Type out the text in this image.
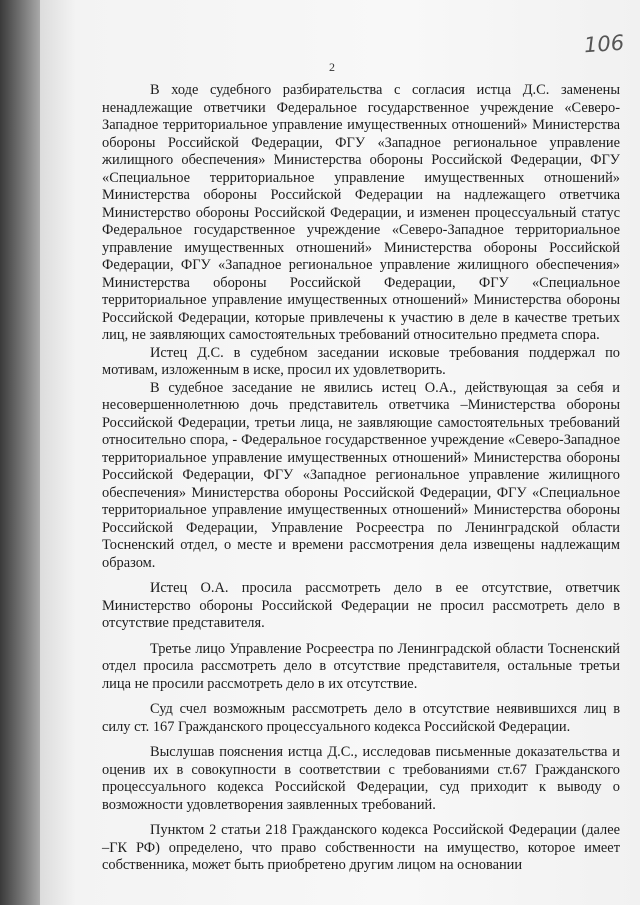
2
106

В ходе судебного разбирательства с согласия истца Д.С. заменены ненадлежащие ответчики Федеральное государственное учреждение «Северо-Западное территориальное управление имущественных отношений» Министерства обороны Российской Федерации, ФГУ «Западное региональное управление жилищного обеспечения» Министерства обороны Российской Федерации, ФГУ «Специальное территориальное управление имущественных отношений» Министерства обороны Российской Федерации на надлежащего ответчика Министерство обороны Российской Федерации, и изменен процессуальный статус Федеральное государственное учреждение «Северо-Западное территориальное управление имущественных отношений» Министерства обороны Российской Федерации, ФГУ «Западное региональное управление жилищного обеспечения» Министерства обороны Российской Федерации, ФГУ «Специальное территориальное управление имущественных отношений» Министерства обороны Российской Федерации, которые привлечены к участию в деле в качестве третьих лиц, не заявляющих самостоятельных требований относительно предмета спора.

Истец Д.С. в судебном заседании исковые требования поддержал по мотивам, изложенным в иске, просил их удовлетворить.

В судебное заседание не явились истец О.А., действующая за себя и несовершеннолетнюю дочь представитель ответчика –Министерства обороны Российской Федерации, третьи лица, не заявляющие самостоятельных требований относительно спора, - Федеральное государственное учреждение «Северо-Западное территориальное управление имущественных отношений» Министерства обороны Российской Федерации, ФГУ «Западное региональное управление жилищного обеспечения» Министерства обороны Российской Федерации, ФГУ «Специальное территориальное управление имущественных отношений» Министерства обороны Российской Федерации, Управление Росреестра по Ленинградской области Тосненский отдел, о месте и времени рассмотрения дела извещены надлежащим образом.

Истец О.А. просила рассмотреть дело в ее отсутствие, ответчик Министерство обороны Российской Федерации не просил рассмотреть дело в отсутствие представителя.

Третье лицо Управление Росреестра по Ленинградской области Тосненский отдел просила рассмотреть дело в отсутствие представителя, остальные третьи лица не просили рассмотреть дело в их отсутствие.

Суд счел возможным рассмотреть дело в отсутствие неявившихся лиц в силу ст. 167 Гражданского процессуального кодекса Российской Федерации.

Выслушав пояснения истца Д.С., исследовав письменные доказательства и оценив их в совокупности в соответствии с требованиями ст.67 Гражданского процессуального кодекса Российской Федерации, суд приходит к выводу о возможности удовлетворения заявленных требований.

Пунктом 2 статьи 218 Гражданского кодекса Российской Федерации (далее –ГК РФ) определено, что право собственности на имущество, которое имеет собственника, может быть приобретено другим лицом на основании
